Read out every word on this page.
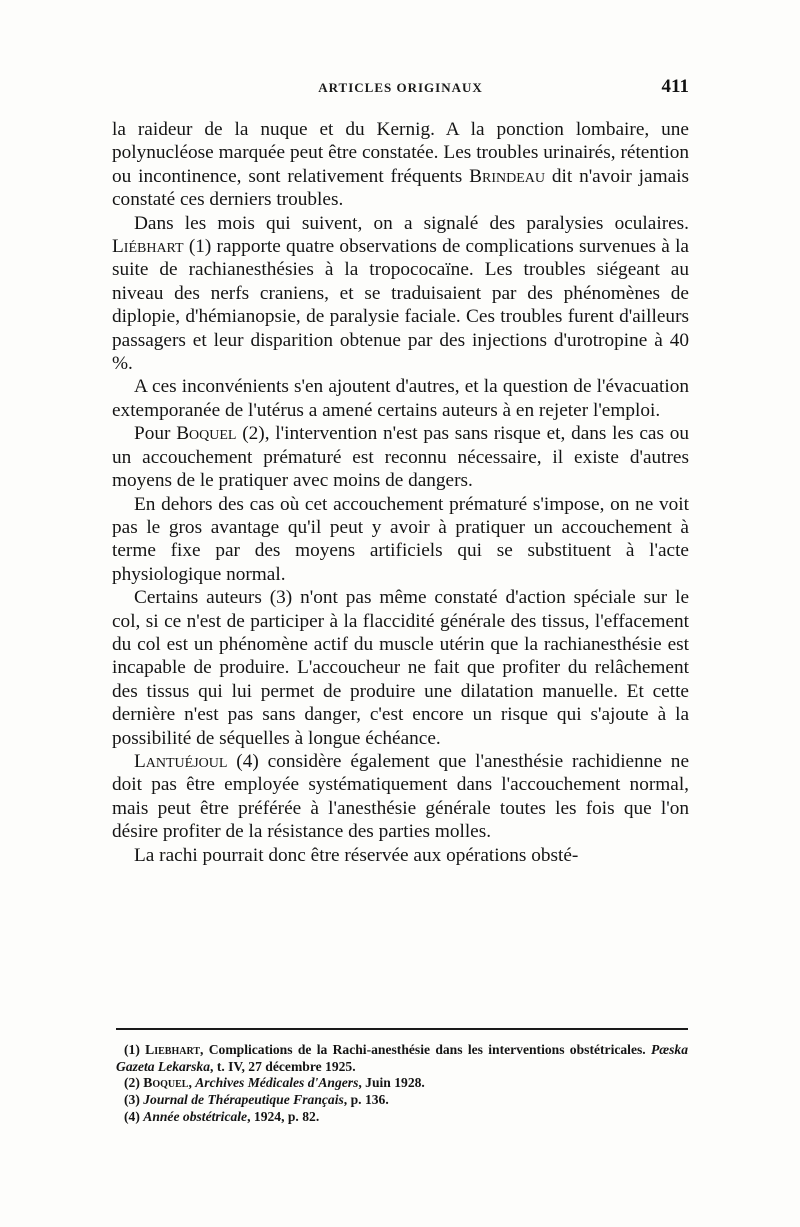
ARTICLES ORIGINAUX	411

la raideur de la nuque et du Kernig. A la ponction lombaire, une polynucléose marquée peut être constatée. Les troubles urinairés, rétention ou incontinence, sont relativement fréquents Brindeau dit n'avoir jamais constaté ces derniers troubles.

Dans les mois qui suivent, on a signalé des paralysies oculaires. Liébhart (1) rapporte quatre observations de complications survenues à la suite de rachianesthésies à la tropococaïne. Les troubles siégeant au niveau des nerfs craniens, et se traduisaient par des phénomènes de diplopie, d'hémianopsie, de paralysie faciale. Ces troubles furent d'ailleurs passagers et leur disparition obtenue par des injections d'urotropine à 40 %.

A ces inconvénients s'en ajoutent d'autres, et la question de l'évacuation extemporanée de l'utérus a amené certains auteurs à en rejeter l'emploi.

Pour Boquel (2), l'intervention n'est pas sans risque et, dans les cas ou un accouchement prématuré est reconnu nécessaire, il existe d'autres moyens de le pratiquer avec moins de dangers.

En dehors des cas où cet accouchement prématuré s'impose, on ne voit pas le gros avantage qu'il peut y avoir à pratiquer un accouchement à terme fixe par des moyens artificiels qui se substituent à l'acte physiologique normal.

Certains auteurs (3) n'ont pas même constaté d'action spéciale sur le col, si ce n'est de participer à la flaccidité générale des tissus, l'effacement du col est un phénomène actif du muscle utérin que la rachianesthésie est incapable de produire. L'accoucheur ne fait que profiter du relâchement des tissus qui lui permet de produire une dilatation manuelle. Et cette dernière n'est pas sans danger, c'est encore un risque qui s'ajoute à la possibilité de séquelles à longue échéance.

Lantuéjoul (4) considère également que l'anesthésie rachidienne ne doit pas être employée systématiquement dans l'accouchement normal, mais peut être préférée à l'anesthésie générale toutes les fois que l'on désire profiter de la résistance des parties molles.

La rachi pourrait donc être réservée aux opérations obsté-

(1) Liebhart, Complications de la Rachi-anesthésie dans les interventions obstétricales. Pæska Gazeta Lekarska, t. IV, 27 décembre 1925.

(2) Boquel, Archives Médicales d'Angers, Juin 1928.

(3) Journal de Thérapeutique Français, p. 136.

(4) Année obstétricale, 1924, p. 82.
